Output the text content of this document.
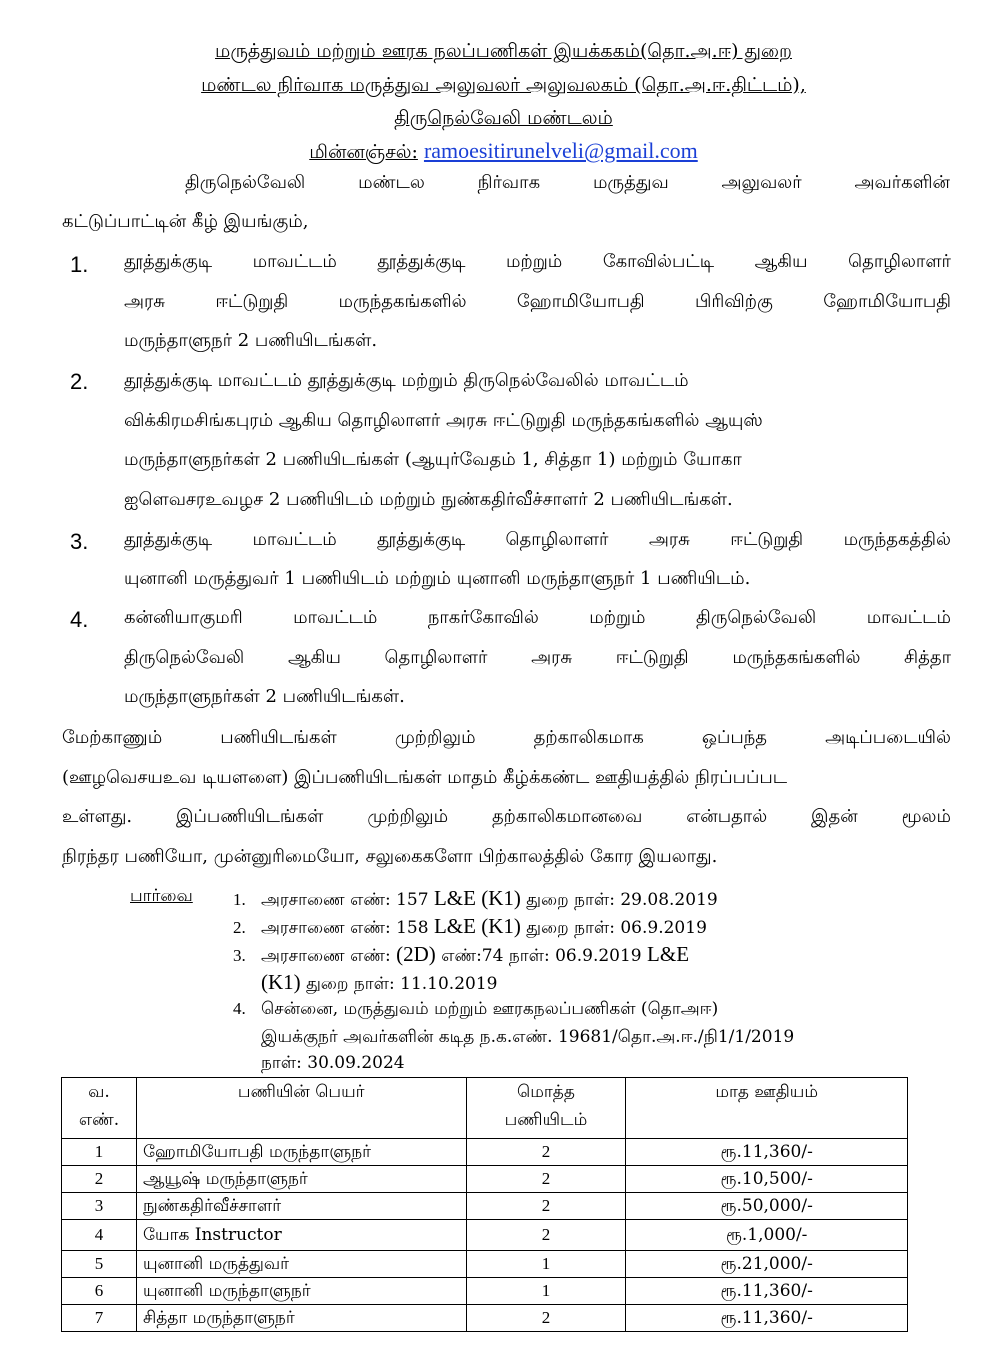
மருத்துவம் மற்றும் ஊரக நலப்பணிகள் இயக்ககம்(தொ.அ.ஈ) துறை
மண்டல நிர்வாக மருத்துவ அலுவலர் அலுவலகம் (தொ.அ.ஈ.திட்டம்),
திருநெல்வேலி மண்டலம்
மின்னஞ்சல்: ramoesitirunelveli@gmail.com
திருநெல்வேலி	மண்டல	நிர்வாக	மருத்துவ	அலுவலர்	அவர்களின்
கட்டுப்பாட்டின் கீழ் இயங்கும்,
1. தூத்துக்குடி மாவட்டம் தூத்துக்குடி மற்றும் கோவில்பட்டி ஆகிய தொழிலாளர்
அரசு	ஈட்டுறுதி	மருந்தகங்களில்	ஹோமியோபதி	பிரிவிற்கு	ஹோமியோபதி
மருந்தாளுநர் 2 பணியிடங்கள்.
2. தூத்துக்குடி மாவட்டம் தூத்துக்குடி மற்றும் திருநெல்வேலில் மாவட்டம்
விக்கிரமசிங்கபுரம் ஆகிய தொழிலாளர் அரசு ஈட்டுறுதி மருந்தகங்களில் ஆயுஸ்
மருந்தாளுநர்கள் 2 பணியிடங்கள் (ஆயுர்வேதம் 1, சித்தா 1) மற்றும் யோகா
ஐளெவசரஉவழச 2 பணியிடம் மற்றும் நுண்கதிர்வீச்சாளர் 2 பணியிடங்கள்.
3. தூத்துக்குடி மாவட்டம் தூத்துக்குடி தொழிலாளர் அரசு ஈட்டுறுதி மருந்தகத்தில்
யுனானி மருத்துவர் 1 பணியிடம் மற்றும் யுனானி மருந்தாளுநர் 1 பணியிடம்.
4. கன்னியாகுமரி	மாவட்டம்	நாகர்கோவில்	மற்றும்	திருநெல்வேலி	மாவட்டம்
திருநெல்வேலி ஆகிய தொழிலாளர் அரசு ஈட்டுறுதி மருந்தகங்களில் சித்தா
மருந்தாளுநர்கள் 2 பணியிடங்கள்.
மேற்காணும்	பணியிடங்கள்	முற்றிலும்	தற்காலிகமாக	ஒப்பந்த	அடிப்படையில்
(ஊழவெசயஉவ டியளளை) இப்பணியிடங்கள் மாதம் கீழ்க்கண்ட ஊதியத்தில் நிரப்பப்பட
உள்ளது. இப்பணியிடங்கள் முற்றிலும் தற்காலிகமானவை என்பதால் இதன் மூலம்
நிரந்தர பணியோ, முன்னுரிமையோ, சலுகைகளோ பிற்காலத்தில் கோர இயலாது.
பார்வை 1. அரசாணை எண்: 157 L&E (K1) துறை நாள்: 29.08.2019
2. அரசாணை எண்: 158 L&E (K1) துறை நாள்: 06.9.2019
3. அரசாணை எண்: (2D) எண்:74 நாள்: 06.9.2019 L&E
(K1) துறை நாள்: 11.10.2019
4. சென்னை, மருத்துவம் மற்றும் ஊரகநலப்பணிகள் (தொஅஈ)
இயக்குநர் அவர்களின் கடித ந.க.எண். 19681/தொ.அ.ஈ./நி1/1/2019
நாள்: 30.09.2024
வ.
எண்.	பணியின் பெயர்	மொத்த
பணியிடம்	மாத ஊதியம்
1	ஹோமியோபதி மருந்தாளுநர்	2	ரூ.11,360/-
2	ஆயூஷ் மருந்தாளுநர்	2	ரூ.10,500/-
3	நுண்கதிர்வீச்சாளர்	2	ரூ.50,000/-
4	யோக Instructor	2	ரூ.1,000/-
5	யுனானி மருத்துவர்	1	ரூ.21,000/-
6	யுனானி மருந்தாளுநர்	1	ரூ.11,360/-
7	சித்தா மருந்தாளுநர்	2	ரூ.11,360/-
